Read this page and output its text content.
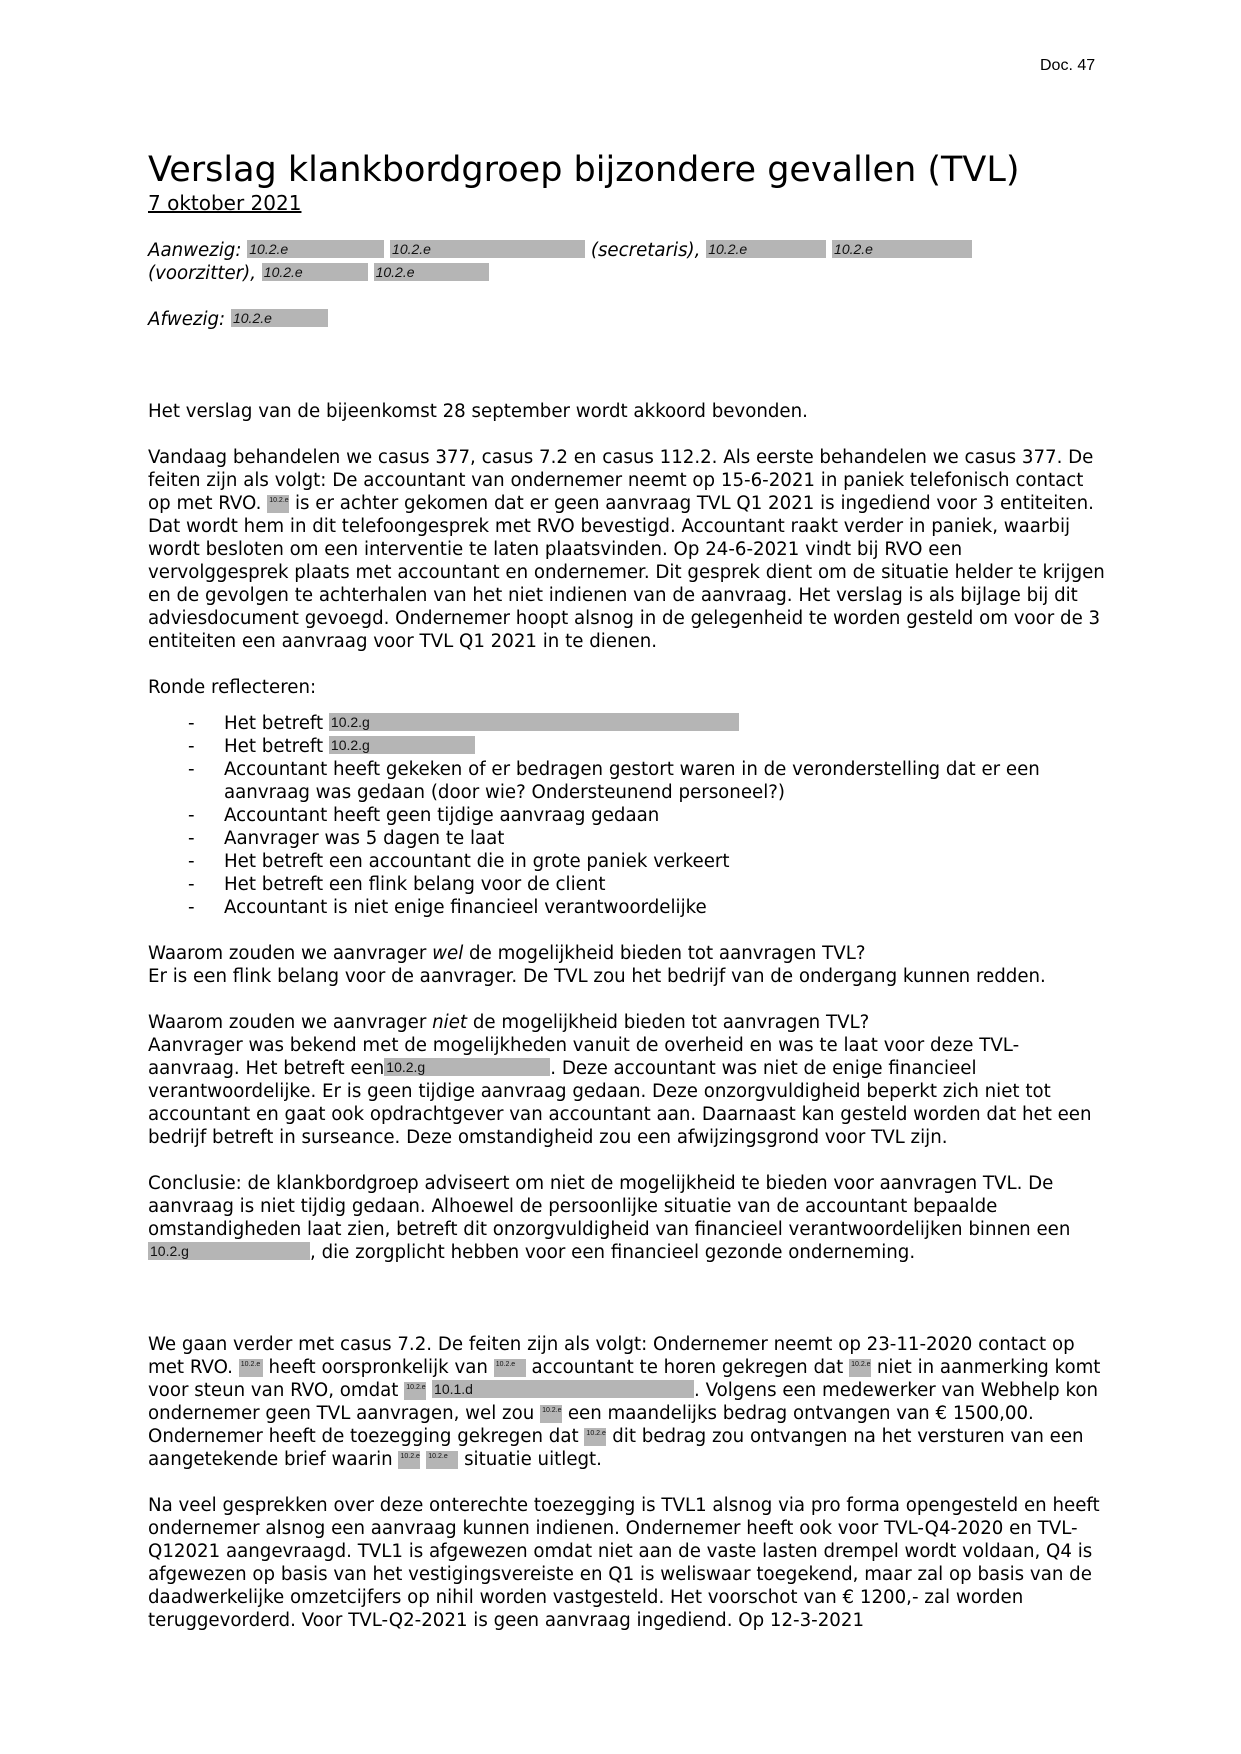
Doc. 47
Verslag klankbordgroep bijzondere gevallen (TVL)
7 oktober 2021

Aanwezig: 10.2.e	10.2.e	(secretaris), 10.2.e	10.2.e
(voorzitter), 10.2.e	10.2.e

Afwezig: 10.2.e

Het verslag van de bijeenkomst 28 september wordt akkoord bevonden.

Vandaag behandelen we casus 377, casus 7.2 en casus 112.2. Als eerste behandelen we casus 377. De feiten zijn als volgt: De accountant van ondernemer neemt op 15-6-2021 in paniek telefonisch contact op met RVO. 10.2.e is er achter gekomen dat er geen aanvraag TVL Q1 2021 is ingediend voor 3 entiteiten. Dat wordt hem in dit telefoongesprek met RVO bevestigd. Accountant raakt verder in paniek, waarbij wordt besloten om een interventie te laten plaatsvinden. Op 24-6-2021 vindt bij RVO een vervolggesprek plaats met accountant en ondernemer. Dit gesprek dient om de situatie helder te krijgen en de gevolgen te achterhalen van het niet indienen van de aanvraag. Het verslag is als bijlage bij dit adviesdocument gevoegd. Ondernemer hoopt alsnog in de gelegenheid te worden gesteld om voor de 3 entiteiten een aanvraag voor TVL Q1 2021 in te dienen.

Ronde reflecteren:

- Het betreft 10.2.g
- Het betreft 10.2.g
- Accountant heeft gekeken of er bedragen gestort waren in de veronderstelling dat er een aanvraag was gedaan (door wie? Ondersteunend personeel?)
- Accountant heeft geen tijdige aanvraag gedaan
- Aanvrager was 5 dagen te laat
- Het betreft een accountant die in grote paniek verkeert
- Het betreft een flink belang voor de client
- Accountant is niet enige financieel verantwoordelijke

Waarom zouden we aanvrager wel de mogelijkheid bieden tot aanvragen TVL?
Er is een flink belang voor de aanvrager. De TVL zou het bedrijf van de ondergang kunnen redden.

Waarom zouden we aanvrager niet de mogelijkheid bieden tot aanvragen TVL?
Aanvrager was bekend met de mogelijkheden vanuit de overheid en was te laat voor deze TVL-aanvraag. Het betreft een 10.2.g	. Deze accountant was niet de enige financieel verantwoordelijke. Er is geen tijdige aanvraag gedaan. Deze onzorgvuldigheid beperkt zich niet tot accountant en gaat ook opdrachtgever van accountant aan. Daarnaast kan gesteld worden dat het een bedrijf betreft in surseance. Deze omstandigheid zou een afwijzingsgrond voor TVL zijn.

Conclusie: de klankbordgroep adviseert om niet de mogelijkheid te bieden voor aanvragen TVL. De aanvraag is niet tijdig gedaan. Alhoewel de persoonlijke situatie van de accountant bepaalde omstandigheden laat zien, betreft dit onzorgvuldigheid van financieel verantwoordelijken binnen een 10.2.g	, die zorgplicht hebben voor een financieel gezonde onderneming.

We gaan verder met casus 7.2. De feiten zijn als volgt: Ondernemer neemt op 23-11-2020 contact op met RVO. 10.2.e heeft oorspronkelijk van 10.2.e accountant te horen gekregen dat 10.2.e niet in aanmerking komt voor steun van RVO, omdat 10.2.e 10.1.d	. Volgens een medewerker van Webhelp kon ondernemer geen TVL aanvragen, wel zou 10.2.e een maandelijks bedrag ontvangen van € 1500,00. Ondernemer heeft de toezegging gekregen dat 10.2.e dit bedrag zou ontvangen na het versturen van een aangetekende brief waarin 10.2.e 10.2.e situatie uitlegt.

Na veel gesprekken over deze onterechte toezegging is TVL1 alsnog via pro forma opengesteld en heeft ondernemer alsnog een aanvraag kunnen indienen. Ondernemer heeft ook voor TVL-Q4-2020 en TVL-Q12021 aangevraagd. TVL1 is afgewezen omdat niet aan de vaste lasten drempel wordt voldaan, Q4 is afgewezen op basis van het vestigingsvereiste en Q1 is weliswaar toegekend, maar zal op basis van de daadwerkelijke omzetcijfers op nihil worden vastgesteld. Het voorschot van € 1200,- zal worden teruggevorderd. Voor TVL-Q2-2021 is geen aanvraag ingediend. Op 12-3-2021
